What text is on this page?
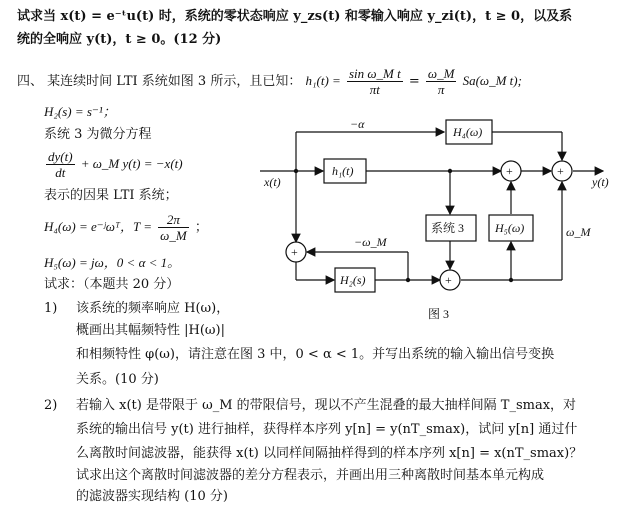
试求当 x(t) = e⁻ᵗu(t) 时，系统的零状态响应 y_zs(t) 和零输入响应 y_zi(t)，t ≥ 0，以及系
统的全响应 y(t)，t ≥ 0。(12 分)
四、 某连续时间 LTI 系统如图 3 所示，且已知： $h_1(t) = \frac{\text{sin ω\_M t}}{\pi t} = \frac{\omega\_M}{\pi}$ Sa(ω_M t);
H₂(s) = s⁻¹；
系统 3 为微分方程
$\frac{dy(t)}{dt}$ + ω_M y(t) = −x(t)
表示的因果 LTI 系统；
H₄(ω) = e⁻ʲωᵀ，$T = \frac{2\pi}{\omega\_M}$ ；
H₅(ω) = jω，0 < α < 1。
试求：（本题共 20 分）
1) 该系统的频率响应 H(ω)，
概画出其幅频特性 |H(ω)|
和相频特性 φ(ω)，请注意在图 3 中，0 < α < 1。并写出系统的输入输出信号变换
关系。(10 分)
2) 若输入 x(t) 是带限于 ω_M 的带限信号，现以不产生混叠的最大抽样间隔 T_smax，对
系统的输出信号 y(t) 进行抽样，获得样本序列 y[n] = y(nT_smax)，试问 y[n] 通过什
么离散时间滤波器，能获得 x(t) 以同样间隔抽样得到的样本序列 x[n] = x(nT_smax)？
试求出这个离散时间滤波器的差分方程表示，并画出用三种离散时间基本单元构成
的滤波器实现结构 (10 分)
h₁(t)
H₄(ω)
系统 3	H₅(ω)
H₂(s)
−α
−ω_M
ω_M
x(t)	y(t)
+	+
+
+
图 3
